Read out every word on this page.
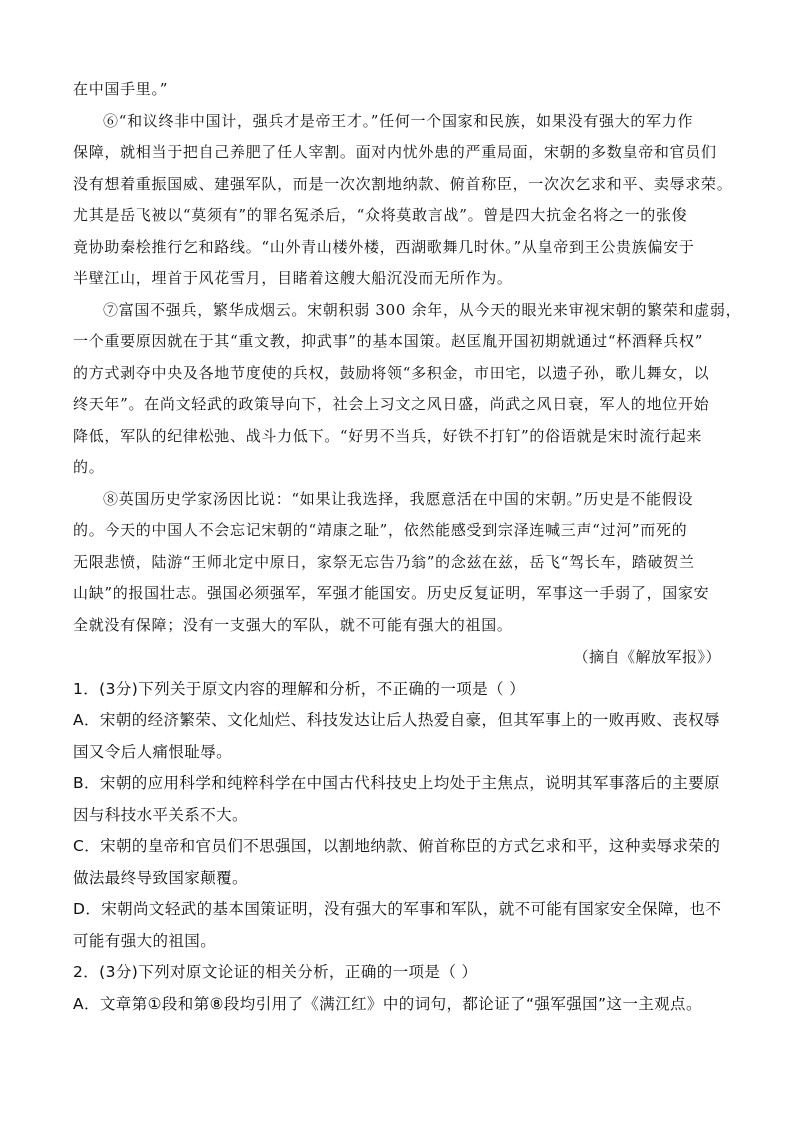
在中国手里。”
⑥“和议终非中国计，强兵才是帝王才。”任何一个国家和民族，如果没有强大的军力作
保障，就相当于把自己养肥了任人宰割。面对内忧外患的严重局面，宋朝的多数皇帝和官员们
没有想着重振国威、建强军队，而是一次次割地纳款、俯首称臣，一次次乞求和平、卖辱求荣。
尤其是岳飞被以“莫须有”的罪名冤杀后，“众将莫敢言战”。曾是四大抗金名将之一的张俊
竟协助秦桧推行乞和路线。“山外青山楼外楼，西湖歌舞几时休。”从皇帝到王公贵族偏安于
半壁江山，埋首于风花雪月，目睹着这艘大船沉没而无所作为。
⑦富国不强兵，繁华成烟云。宋朝积弱 300 余年，从今天的眼光来审视宋朝的繁荣和虚弱，
一个重要原因就在于其“重文教，抑武事”的基本国策。赵匡胤开国初期就通过“杯酒释兵权”
的方式剥夺中央及各地节度使的兵权，鼓励将领“多积金，市田宅，以遗子孙，歌儿舞女，以
终天年”。在尚文轻武的政策导向下，社会上习文之风日盛，尚武之风日衰，军人的地位开始
降低，军队的纪律松弛、战斗力低下。“好男不当兵，好铁不打钉”的俗语就是宋时流行起来
的。
⑧英国历史学家汤因比说：“如果让我选择，我愿意活在中国的宋朝。”历史是不能假设
的。今天的中国人不会忘记宋朝的“靖康之耻”，依然能感受到宗泽连喊三声“过河”而死的
无限悲愤，陆游“王师北定中原日，家祭无忘告乃翁”的念兹在兹，岳飞“驾长车，踏破贺兰
山缺”的报国壮志。强国必须强军，军强才能国安。历史反复证明，军事这一手弱了，国家安
全就没有保障；没有一支强大的军队，就不可能有强大的祖国。
（摘自《解放军报》）
1．(3分)下列关于原文内容的理解和分析，不正确的一项是（ ）
A．宋朝的经济繁荣、文化灿烂、科技发达让后人热爱自豪，但其军事上的一败再败、丧权辱
国又令后人痛恨耻辱。
B．宋朝的应用科学和纯粹科学在中国古代科技史上均处于主焦点，说明其军事落后的主要原
因与科技水平关系不大。
C．宋朝的皇帝和官员们不思强国，以割地纳款、俯首称臣的方式乞求和平，这种卖辱求荣的
做法最终导致国家颠覆。
D．宋朝尚文轻武的基本国策证明，没有强大的军事和军队，就不可能有国家安全保障，也不
可能有强大的祖国。
2．(3分)下列对原文论证的相关分析，正确的一项是（ ）
A．文章第①段和第⑧段均引用了《满江红》中的词句，都论证了“强军强国”这一主观点。
